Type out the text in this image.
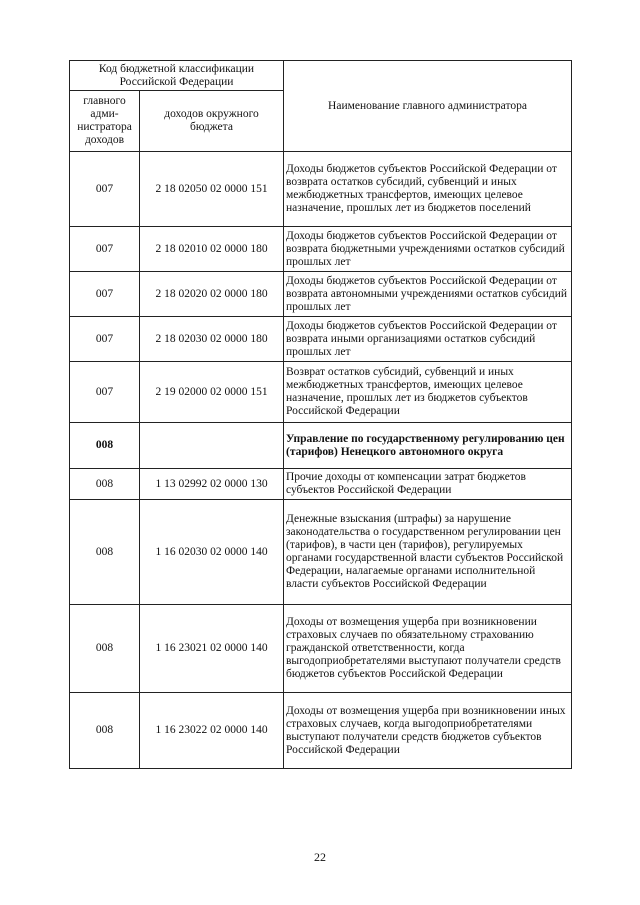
Код бюджетной классификации Российской Федерации		Наименование главного администратора
главного адми-нистратора доходов	доходов окружного бюджета	
007	2 18 02050 02 0000 151	Доходы бюджетов субъектов Российской Федерации от возврата остатков субсидий, субвенций и иных межбюджетных трансфертов, имеющих целевое назначение, прошлых лет из бюджетов поселений
007	2 18 02010 02 0000 180	Доходы бюджетов субъектов Российской Федерации от возврата бюджетными учреждениями остатков субсидий прошлых лет
007	2 18 02020 02 0000 180	Доходы бюджетов субъектов Российской Федерации от возврата автономными учреждениями остатков субсидий прошлых лет
007	2 18 02030 02 0000 180	Доходы бюджетов субъектов Российской Федерации от возврата иными организациями остатков субсидий прошлых лет
007	2 19 02000 02 0000 151	Возврат остатков субсидий, субвенций и иных межбюджетных трансфертов, имеющих целевое назначение, прошлых лет из бюджетов субъектов Российской Федерации
008		Управление по государственному регулированию цен (тарифов) Ненецкого автономного округа
008	1 13 02992 02 0000 130	Прочие доходы от компенсации затрат бюджетов субъектов Российской Федерации
008	1 16 02030 02 0000 140	Денежные взыскания (штрафы) за нарушение законодательства о государственном регулировании цен (тарифов), в части цен (тарифов), регулируемых органами государственной власти субъектов Российской Федерации, налагаемые органами исполнительной власти субъектов Российской Федерации
008	1 16 23021 02 0000 140	Доходы от возмещения ущерба при возникновении страховых случаев по обязательному страхованию гражданской ответственности, когда выгодоприобретателями выступают получатели средств бюджетов субъектов Российской Федерации
008	1 16 23022 02 0000 140	Доходы от возмещения ущерба при возникновении иных страховых случаев, когда выгодоприобретателями выступают получатели средств бюджетов субъектов Российской Федерации
22
